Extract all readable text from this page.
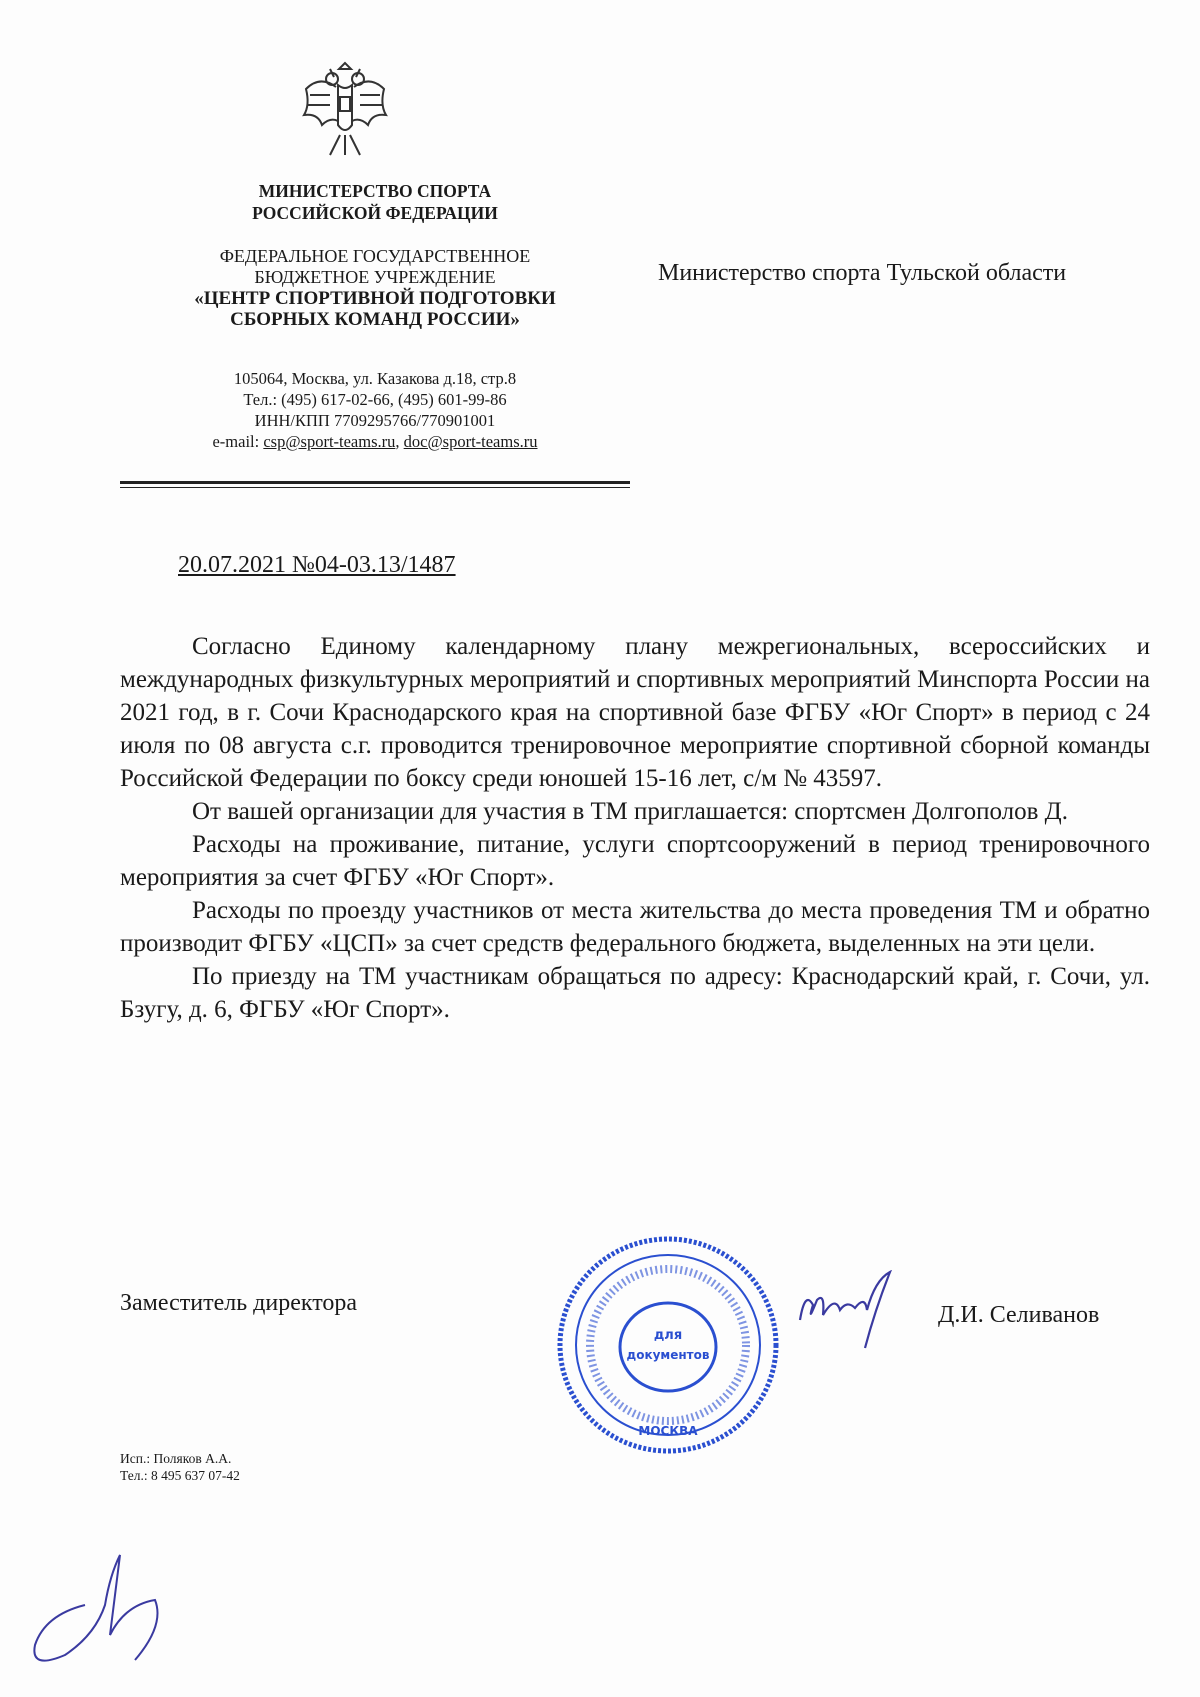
МИНИСТЕРСТВО СПОРТА
РОССИЙСКОЙ ФЕДЕРАЦИИ
ФЕДЕРАЛЬНОЕ ГОСУДАРСТВЕННОЕ
БЮДЖЕТНОЕ УЧРЕЖДЕНИЕ
«ЦЕНТР СПОРТИВНОЙ ПОДГОТОВКИ
СБОРНЫХ КОМАНД РОССИИ»
105064, Москва, ул. Казакова д.18, стр.8
Тел.: (495) 617-02-66, (495) 601-99-86
ИНН/КПП 7709295766/770901001
e-mail: csp@sport-teams.ru, doc@sport-teams.ru
Министерство спорта Тульской области
20.07.2021 №04-03.13/1487

Согласно Единому календарному плану межрегиональных, всероссийских и международных физкультурных мероприятий и спортивных мероприятий Минспорта России на 2021 год, в г. Сочи Краснодарского края на спортивной базе ФГБУ «Юг Спорт» в период с 24 июля по 08 августа с.г. проводится тренировочное мероприятие спортивной сборной команды Российской Федерации по боксу среди юношей 15-16 лет, с/м № 43597.

От вашей организации для участия в ТМ приглашается: спортсмен Долгополов Д.

Расходы на проживание, питание, услуги спортсооружений в период тренировочного мероприятия за счет ФГБУ «Юг Спорт».

Расходы по проезду участников от места жительства до места проведения ТМ и обратно производит ФГБУ «ЦСП» за счет средств федерального бюджета, выделенных на эти цели.

По приезду на ТМ участникам обращаться по адресу: Краснодарский край, г. Сочи, ул. Бзугу, д. 6, ФГБУ «Юг Спорт».

Заместитель директора
для
документов
МОСКВА
Д.И. Селиванов
Исп.: Поляков А.А.
Тел.: 8 495 637 07-42
